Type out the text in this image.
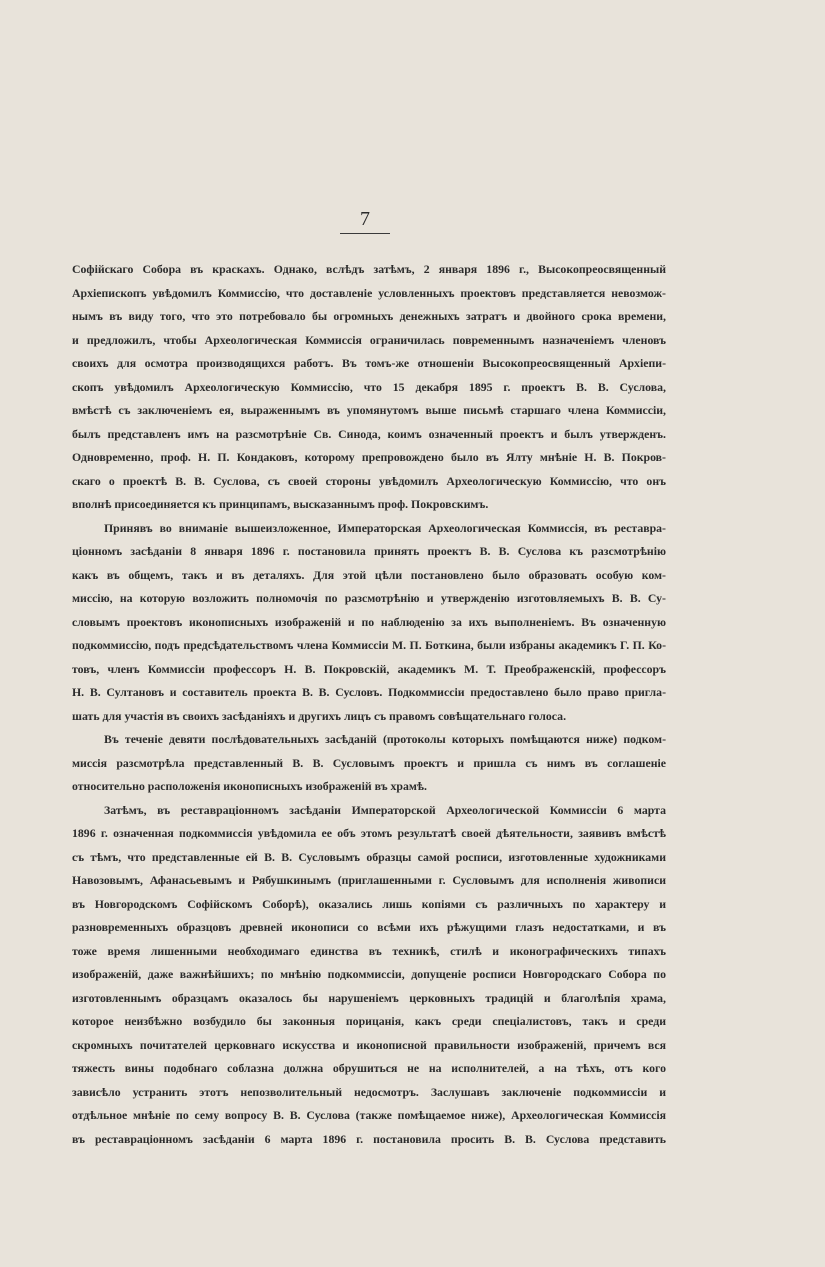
7
Софійскаго Собора въ краскахъ. Однако, вслѣдъ затѣмъ, 2 января 1896 г., Высокопреосвященный
Архіепископъ увѣдомилъ Коммиссію, что доставленіе условленныхъ проектовъ представляется невозмож-
нымъ въ виду того, что это потребовало бы огромныхъ денежныхъ затратъ и двойного срока времени,
и предложилъ, чтобы Археологическая Коммиссія ограничилась повременнымъ назначеніемъ членовъ
своихъ для осмотра производящихся работъ. Въ томъ-же отношеніи Высокопреосвященный Архіепи-
скопъ увѣдомилъ Археологическую Коммиссію, что 15 декабря 1895 г. проектъ В. В. Суслова,
вмѣстѣ съ заключеніемъ ея, выраженнымъ въ упомянутомъ выше письмѣ старшаго члена Коммиссіи,
былъ представленъ имъ на разсмотрѣніе Св. Синода, коимъ означенный проектъ и былъ утвержденъ.
Одновременно, проф. Н. П. Кондаковъ, которому препровождено было въ Ялту мнѣніе Н. В. Покров-
скаго о проектѣ В. В. Суслова, съ своей стороны увѣдомилъ Археологическую Коммиссію, что онъ
вполнѣ присоединяется къ принципамъ, высказаннымъ проф. Покровскимъ.
Принявъ во вниманіе вышеизложенное, Императорская Археологическая Коммиссія, въ реставра-
ціонномъ засѣданіи 8 января 1896 г. постановила принять проектъ В. В. Суслова къ разсмотрѣнію
какъ въ общемъ, такъ и въ деталяхъ. Для этой цѣли постановлено было образовать особую ком-
миссію, на которую возложить полномочія по разсмотрѣнію и утвержденію изготовляемыхъ В. В. Су-
словымъ проектовъ иконописныхъ изображеній и по наблюденію за ихъ выполненіемъ. Въ означенную
подкоммиссію, подъ предсѣдательствомъ члена Коммиссіи М. П. Боткина, были избраны академикъ Г. П. Ко-
товъ, членъ Коммиссіи профессоръ Н. В. Покровскій, академикъ М. Т. Преображенскій, профессоръ
Н. В. Султановъ и составитель проекта В. В. Сусловъ. Подкоммиссіи предоставлено было право пригла-
шать для участія въ своихъ засѣданіяхъ и другихъ лицъ съ правомъ совѣщательнаго голоса.
Въ теченіе девяти послѣдовательныхъ засѣданій (протоколы которыхъ помѣщаются ниже) подком-
миссія разсмотрѣла представленный В. В. Сусловымъ проектъ и пришла съ нимъ въ соглашеніе
относительно расположенія иконописныхъ изображеній въ храмѣ.
Затѣмъ, въ реставраціонномъ засѣданіи Императорской Археологической Коммиссіи 6 марта
1896 г. означенная подкоммиссія увѣдомила ее объ этомъ результатѣ своей дѣятельности, заявивъ вмѣстѣ
съ тѣмъ, что представленные ей В. В. Сусловымъ образцы самой росписи, изготовленные художниками
Навозовымъ, Афанасьевымъ и Рябушкинымъ (приглашенными г. Сусловымъ для исполненія живописи
въ Новгородскомъ Софійскомъ Соборѣ), оказались лишь копіями съ различныхъ по характеру и
разновременныхъ образцовъ древней иконописи со всѣми ихъ рѣжущими глазъ недостатками, и въ
тоже время лишенными необходимаго единства въ техникѣ, стилѣ и иконографическихъ типахъ
изображеній, даже важнѣйшихъ; по мнѣнію подкоммиссіи, допущеніе росписи Новгородскаго Собора по
изготовленнымъ образцамъ оказалось бы нарушеніемъ церковныхъ традицій и благолѣпія храма,
которое неизбѣжно возбудило бы законныя порицанія, какъ среди спеціалистовъ, такъ и среди
скромныхъ почитателей церковнаго искусства и иконописной правильности изображеній, причемъ вся
тяжесть вины подобнаго соблазна должна обрушиться не на исполнителей, а на тѣхъ, отъ кого
зависѣло устранить этотъ непозволительный недосмотръ. Заслушавъ заключеніе подкоммиссіи и
отдѣльное мнѣніе по сему вопросу В. В. Суслова (также помѣщаемое ниже), Археологическая Коммиссія
въ реставраціонномъ засѣданіи 6 марта 1896 г. постановила просить В. В. Суслова представить
